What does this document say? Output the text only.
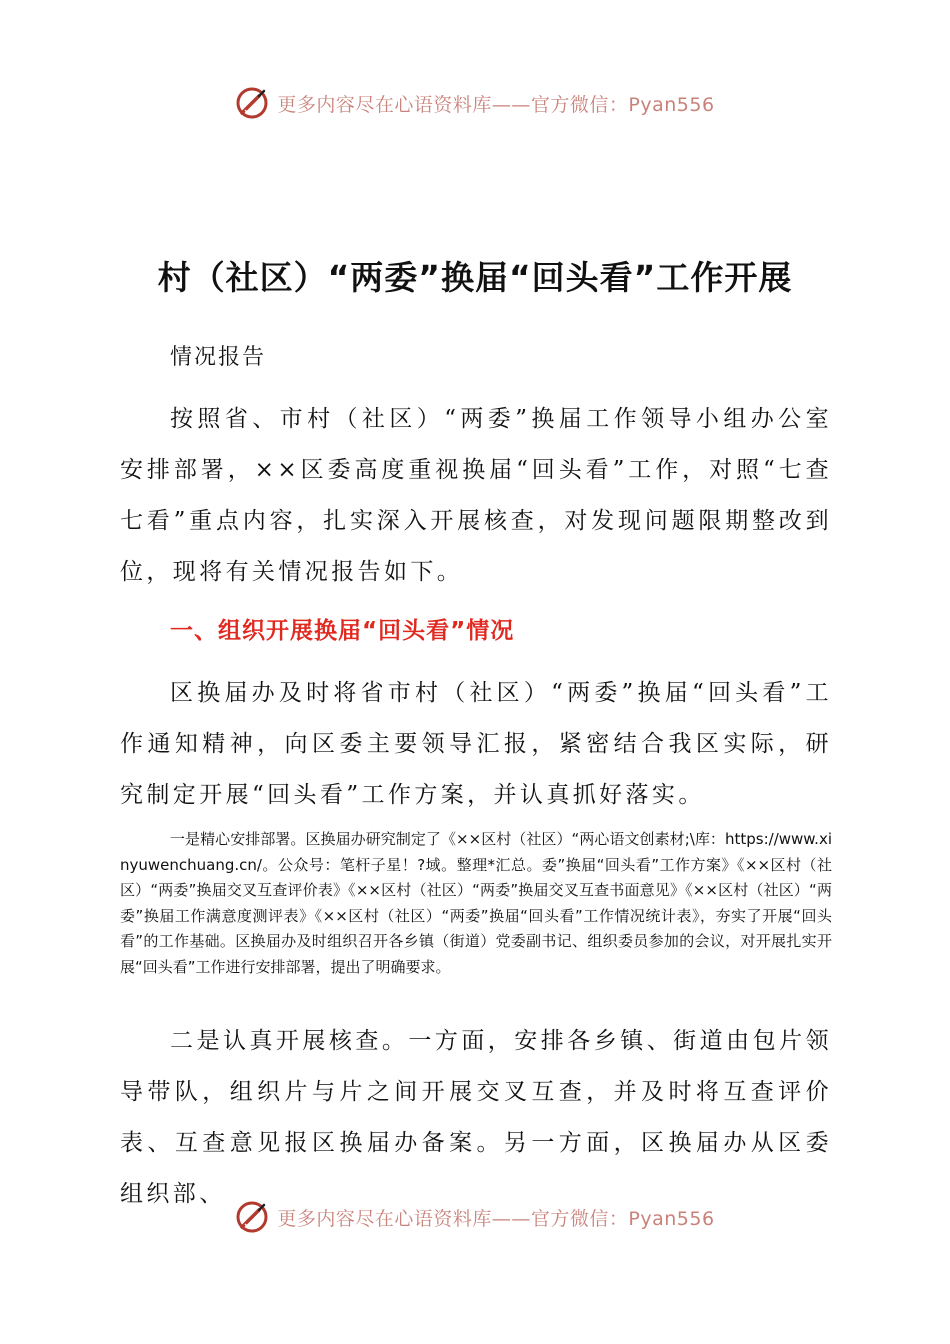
更多内容尽在心语资料库——官方微信：Pyan556
村（社区）“两委”换届“回头看”工作开展
情况报告

按照省、市村（社区）“两委”换届工作领导小组办公室安排部署，××区委高度重视换届“回头看”工作，对照“七查七看”重点内容，扎实深入开展核查，对发现问题限期整改到位，现将有关情况报告如下。

一、组织开展换届“回头看”情况

区换届办及时将省市村（社区）“两委”换届“回头看”工作通知精神，向区委主要领导汇报，紧密结合我区实际，研究制定开展“回头看”工作方案，并认真抓好落实。

一是精心安排部署。区换届办研究制定了《××区村（社区）“两心语文创素材;\库：https://www.xinyuwenchuang.cn/。公众号：笔杆子星！?域。整理*汇总。委”换届“回头看”工作方案》《××区村（社区）“两委”换届交叉互查评价表》《××区村（社区）“两委”换届交叉互查书面意见》《××区村（社区）“两委”换届工作满意度测评表》《××区村（社区）“两委”换届“回头看”工作情况统计表》，夯实了开展“回头看”的工作基础。区换届办及时组织召开各乡镇（街道）党委副书记、组织委员参加的会议，对开展扎实开展“回头看”工作进行安排部署，提出了明确要求。

二是认真开展核查。一方面，安排各乡镇、街道由包片领导带队，组织片与片之间开展交叉互查，并及时将互查评价表、互查意见报区换届办备案。另一方面，区换届办从区委组织部、

更多内容尽在心语资料库——官方微信：Pyan556
